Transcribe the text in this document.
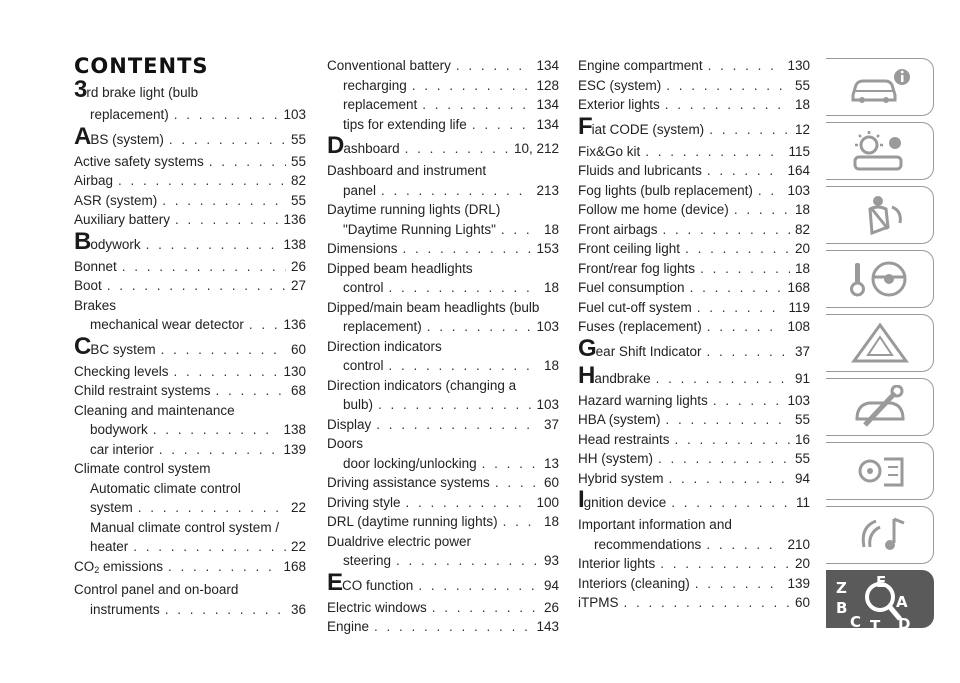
CONTENTS
3rd brake light (bulb
replacement) . . .	103
ABS (system) . . .	55
Active safety systems . . .	55
Airbag . . .	82
ASR (system) . . .	55
Auxiliary battery . . .	136
Bodywork . . .	138
Bonnet . . .	26
Boot . . .	27
Brakes
mechanical wear detector . . .	136
CBC system . . .	60
Checking levels . . .	130
Child restraint systems . . .	68
Cleaning and maintenance
bodywork . . .	138
car interior . . .	139
Climate control system
Automatic climate control
system . . .	22
Manual climate control system /
heater . . .	22
CO2 emissions . . .	168
Control panel and on-board
instruments . . .	36
Conventional battery . . .	134
recharging . . .	128
replacement . . .	134
tips for extending life . . .	134
Dashboard . . .	10, 212
Dashboard and instrument
panel . . .	213
Daytime running lights (DRL)
"Daytime Running Lights" . . .	18
Dimensions . . .	153
Dipped beam headlights
control . . .	18
Dipped/main beam headlights (bulb
replacement) . . .	103
Direction indicators
control . . .	18
Direction indicators (changing a
bulb) . . .	103
Display . . .	37
Doors
door locking/unlocking . . .	13
Driving assistance systems . . .	60
Driving style . . .	100
DRL (daytime running lights) . . .	18
Dualdrive electric power
steering . . .	93
ECO function . . .	94
Electric windows . . .	26
Engine . . .	143
Engine compartment . . .	130
ESC (system) . . .	55
Exterior lights . . .	18
Fiat CODE (system) . . .	12
Fix&Go kit . . .	115
Fluids and lubricants . . .	164
Fog lights (bulb replacement) . . .	103
Follow me home (device) . . .	18
Front airbags . . .	82
Front ceiling light . . .	20
Front/rear fog lights . . .	18
Fuel consumption . . .	168
Fuel cut-off system . . .	119
Fuses (replacement) . . .	108
Gear Shift Indicator . . .	37
Handbrake . . .	91
Hazard warning lights . . .	103
HBA (system) . . .	55
Head restraints . . .	16
HH (system) . . .	55
Hybrid system . . .	94
Ignition device . . .	11
Important information and
recommendations . . .	210
Interior lights . . .	20
Interiors (cleaning) . . .	139
iTPMS . . .	60
Z E
A
B
C T D
